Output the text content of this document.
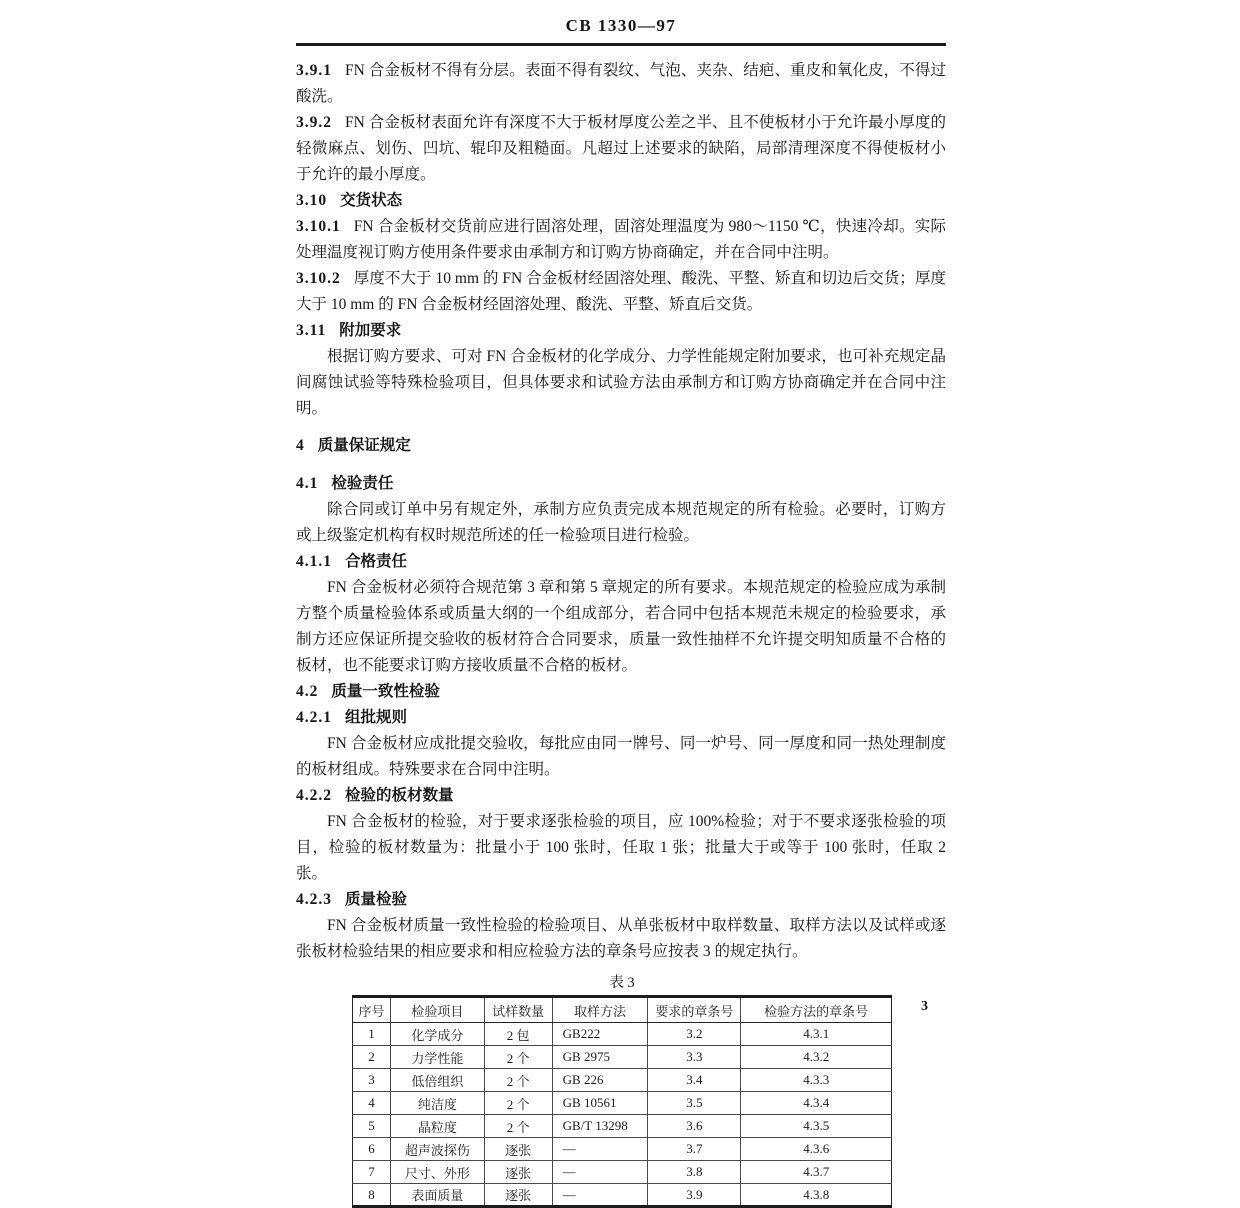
CB 1330—97

3.9.1 FN 合金板材不得有分层。表面不得有裂纹、气泡、夹杂、结疤、重皮和氧化皮，不得过酸洗。

3.9.2 FN 合金板材表面允许有深度不大于板材厚度公差之半、且不使板材小于允许最小厚度的轻微麻点、划伤、凹坑、辊印及粗糙面。凡超过上述要求的缺陷，局部清理深度不得使板材小于允许的最小厚度。

3.10 交货状态

3.10.1 FN 合金板材交货前应进行固溶处理，固溶处理温度为 980～1150 ℃，快速冷却。实际处理温度视订购方使用条件要求由承制方和订购方协商确定，并在合同中注明。

3.10.2 厚度不大于 10 mm 的 FN 合金板材经固溶处理、酸洗、平整、矫直和切边后交货；厚度大于 10 mm 的 FN 合金板材经固溶处理、酸洗、平整、矫直后交货。

3.11 附加要求

根据订购方要求、可对 FN 合金板材的化学成分、力学性能规定附加要求，也可补充规定晶间腐蚀试验等特殊检验项目，但具体要求和试验方法由承制方和订购方协商确定并在合同中注明。

4 质量保证规定

4.1 检验责任

除合同或订单中另有规定外，承制方应负责完成本规范规定的所有检验。必要时，订购方或上级鉴定机构有权时规范所述的任一检验项目进行检验。

4.1.1 合格责任

FN 合金板材必须符合规范第 3 章和第 5 章规定的所有要求。本规范规定的检验应成为承制方整个质量检验体系或质量大纲的一个组成部分，若合同中包括本规范未规定的检验要求，承制方还应保证所提交验收的板材符合合同要求，质量一致性抽样不允许提交明知质量不合格的板材，也不能要求订购方接收质量不合格的板材。

4.2 质量一致性检验

4.2.1 组批规则

FN 合金板材应成批提交验收，每批应由同一牌号、同一炉号、同一厚度和同一热处理制度的板材组成。特殊要求在合同中注明。

4.2.2 检验的板材数量

FN 合金板材的检验，对于要求逐张检验的项目，应 100%检验；对于不要求逐张检验的项目，检验的板材数量为：批量小于 100 张时，任取 1 张；批量大于或等于 100 张时，任取 2 张。

4.2.3 质量检验

FN 合金板材质量一致性检验的检验项目、从单张板材中取样数量、取样方法以及试样或逐张板材检验结果的相应要求和相应检验方法的章条号应按表 3 的规定执行。

表 3
序号	检验项目	试样数量	取样方法	要求的章条号	检验方法的章条号
1	化学成分	2 包	GB222	3.2	4.3.1
2	力学性能	2 个	GB 2975	3.3	4.3.2
3	低倍组织	2 个	GB 226	3.4	4.3.3
4	纯洁度	2 个	GB 10561	3.5	4.3.4
5	晶粒度	2 个	GB/T 13298	3.6	4.3.5
6	超声波探伤	逐张	—	3.7	4.3.6
7	尺寸、外形	逐张	—	3.8	4.3.7
8	表面质量	逐张	—	3.9	4.3.8
3
